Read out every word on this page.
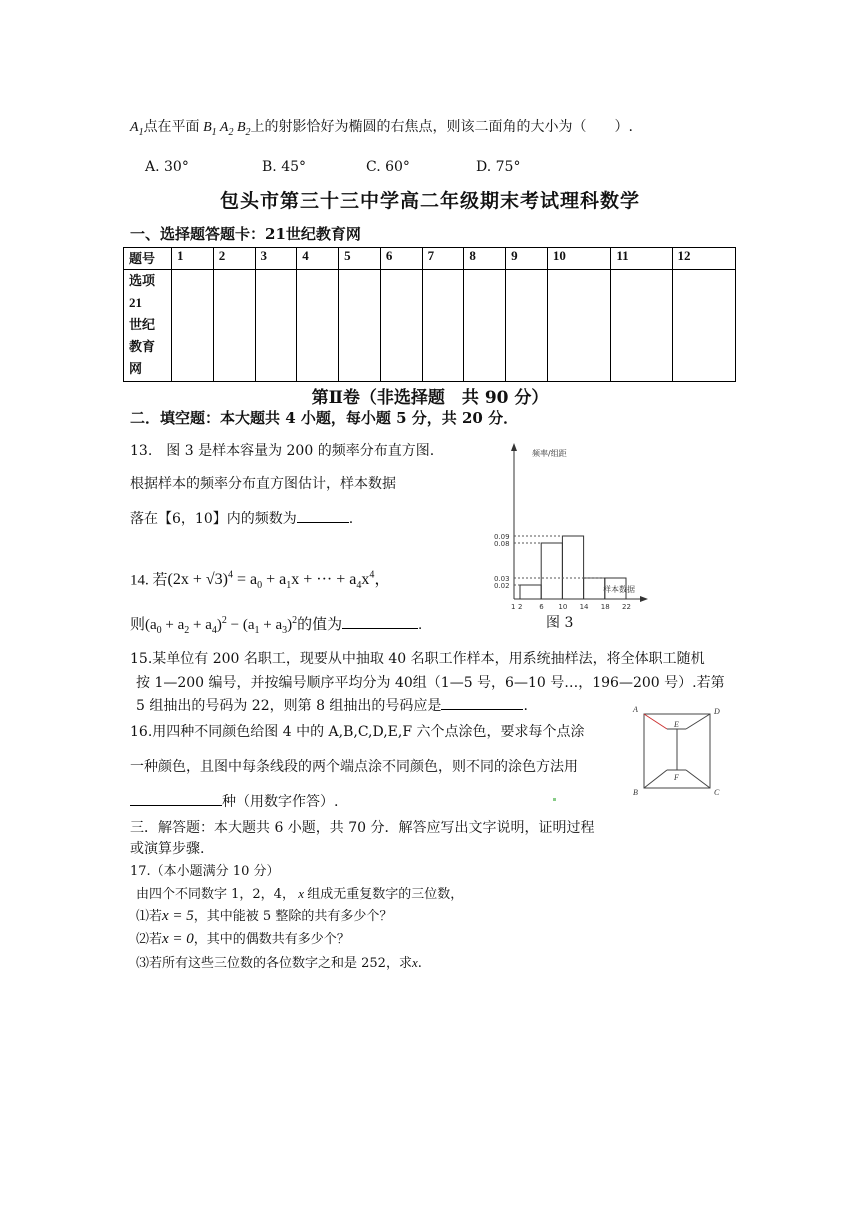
$A_1$点在平面 $B_1$ $A_2$ $B_2$上的射影恰好为椭圆的右焦点，则该二面角的大小为（　　）.
A. 30°	B. 45°	C. 60°	D. 75°
包头市第三十三中学高二年级期末考试理科数学
一、选择题答题卡：21世纪教育网
题号	1	2	3	4	5	6	7	8	9	10	11	12

选项
21
世纪
教育
网												

第Ⅱ卷（非选择题　共 90 分）
二．填空题：本大题共 4 小题，每小题 5 分，共 20 分．
13.　图 3 是样本容量为 200 的频率分布直方图.
根据样本的频率分布直方图估计，样本数据
落在【6，10】内的频数为	.
频率/组距
样本数据
0.09
0.08
0.03
0.02
1 2 6 10 14 18 22
图 3
14. 若$(2x + √3)^4 = a_0 + a_1x$ + ··· + $a_4x^4$，
则$(a_0 + a_2 + a_4)^2 - (a_1 + a_3)^2$的值为	.
15.某单位有 200 名职工，现要从中抽取 40 名职工作样本，用系统抽样法，将全体职工随机
按 1—200 编号，并按编号顺序平均分为 40组（1—5 号，6—10 号…，196—200 号）.若第
5 组抽出的号码为 22，则第 8 组抽出的号码应是	.
16.用四种不同颜色给图 4 中的 A,B,C,D,E,F 六个点涂色，要求每个点涂
一种颜色，且图中每条线段的两个端点涂不同颜色，则不同的涂色方法用
种（用数字作答）.
A
B	C
D
E
F
三．解答题：本大题共 6 小题，共 70 分．解答应写出文字说明，证明过程
或演算步骤.
17.（本小题满分 10 分）
由四个不同数字 1，2，4， x 组成无重复数字的三位数，
⑴若x = 5，其中能被 5 整除的共有多少个？
⑵若x = 0，其中的偶数共有多少个？
⑶若所有这些三位数的各位数字之和是 252，求x.
